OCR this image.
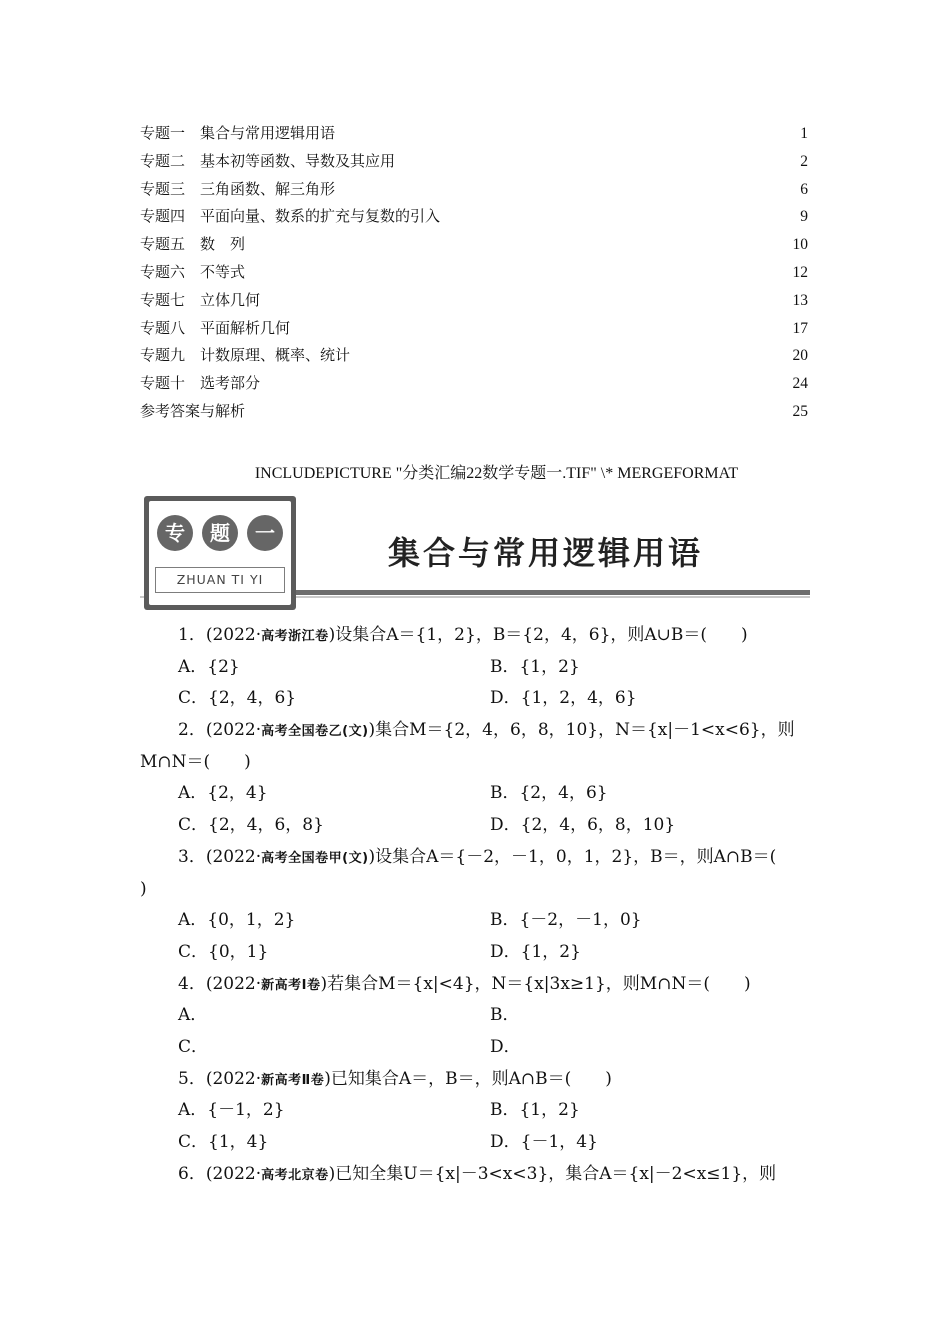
专题一　集合与常用逻辑用语	1
专题二　基本初等函数、导数及其应用	2
专题三　三角函数、解三角形	6
专题四　平面向量、数系的扩充与复数的引入	9
专题五　数　列	10
专题六　不等式	12
专题七　立体几何	13
专题八　平面解析几何	17
专题九　计数原理、概率、统计	20
专题十　选考部分	24
参考答案与解析	25
INCLUDEPICTURE "分类汇编22数学专题一.TIF" \* MERGEFORMAT
专	题	一
ZHUAN TI YI
集合与常用逻辑用语
1．(2022·高考浙江卷)设集合A＝{1，2}，B＝{2，4，6}，则A∪B＝(　　)
A．{2}	B．{1，2}
C．{2，4，6}	D．{1，2，4，6}
2．(2022·高考全国卷乙(文))集合M＝{2，4，6，8，10}，N＝{x|－1<x<6}，则
M∩N＝(　　)
A．{2，4}	B．{2，4，6}
C．{2，4，6，8}	D．{2，4，6，8，10}
3．(2022·高考全国卷甲(文))设集合A＝{－2，－1，0，1，2}，B＝，则A∩B＝(
)
A．{0，1，2}	B．{－2，－1，0}
C．{0，1}	D．{1，2}
4．(2022·新高考Ⅰ卷)若集合M＝{x|<4}，N＝{x|3x≥1}，则M∩N＝(　　)
A．	B．
C．	D．
5．(2022·新高考Ⅱ卷)已知集合A＝，B＝，则A∩B＝(　　)
A．{－1，2}	B．{1，2}
C．{1，4}	D．{－1，4}
6．(2022·高考北京卷)已知全集U＝{x|－3<x<3}，集合A＝{x|－2<x≤1}，则
